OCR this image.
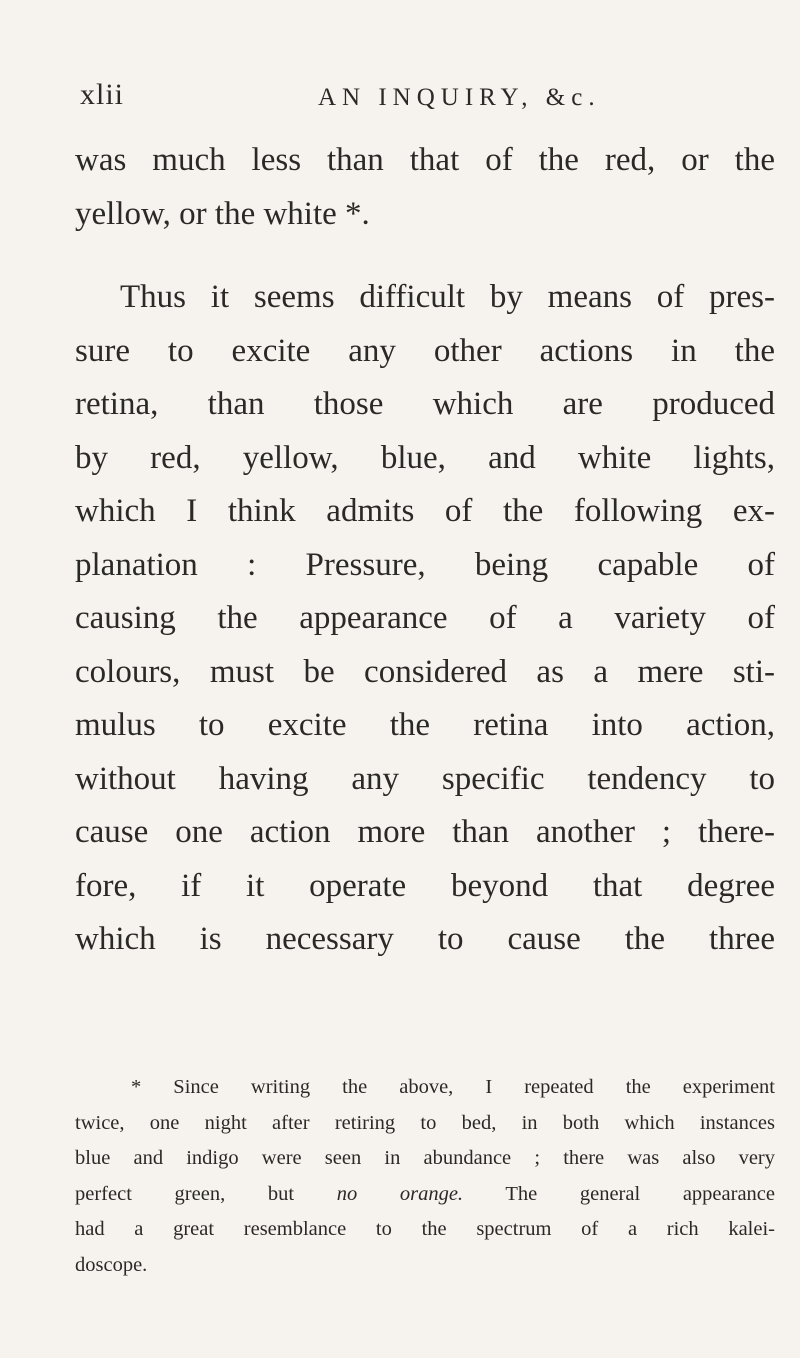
xlii	AN INQUIRY, &c.
was much less than that of the red, or the
yellow, or the white *.
Thus it seems difficult by means of pres-
sure to excite any other actions in the
retina, than those which are produced
by red, yellow, blue, and white lights,
which I think admits of the following ex-
planation : Pressure, being capable of
causing the appearance of a variety of
colours, must be considered as a mere sti-
mulus to excite the retina into action,
without having any specific tendency to
cause one action more than another ; there-
fore, if it operate beyond that degree
which is necessary to cause the three
* Since writing the above, I repeated the experiment
twice, one night after retiring to bed, in both which instances
blue and indigo were seen in abundance ; there was also very
perfect green, but no orange. The general appearance
had a great resemblance to the spectrum of a rich kalei-
doscope.
